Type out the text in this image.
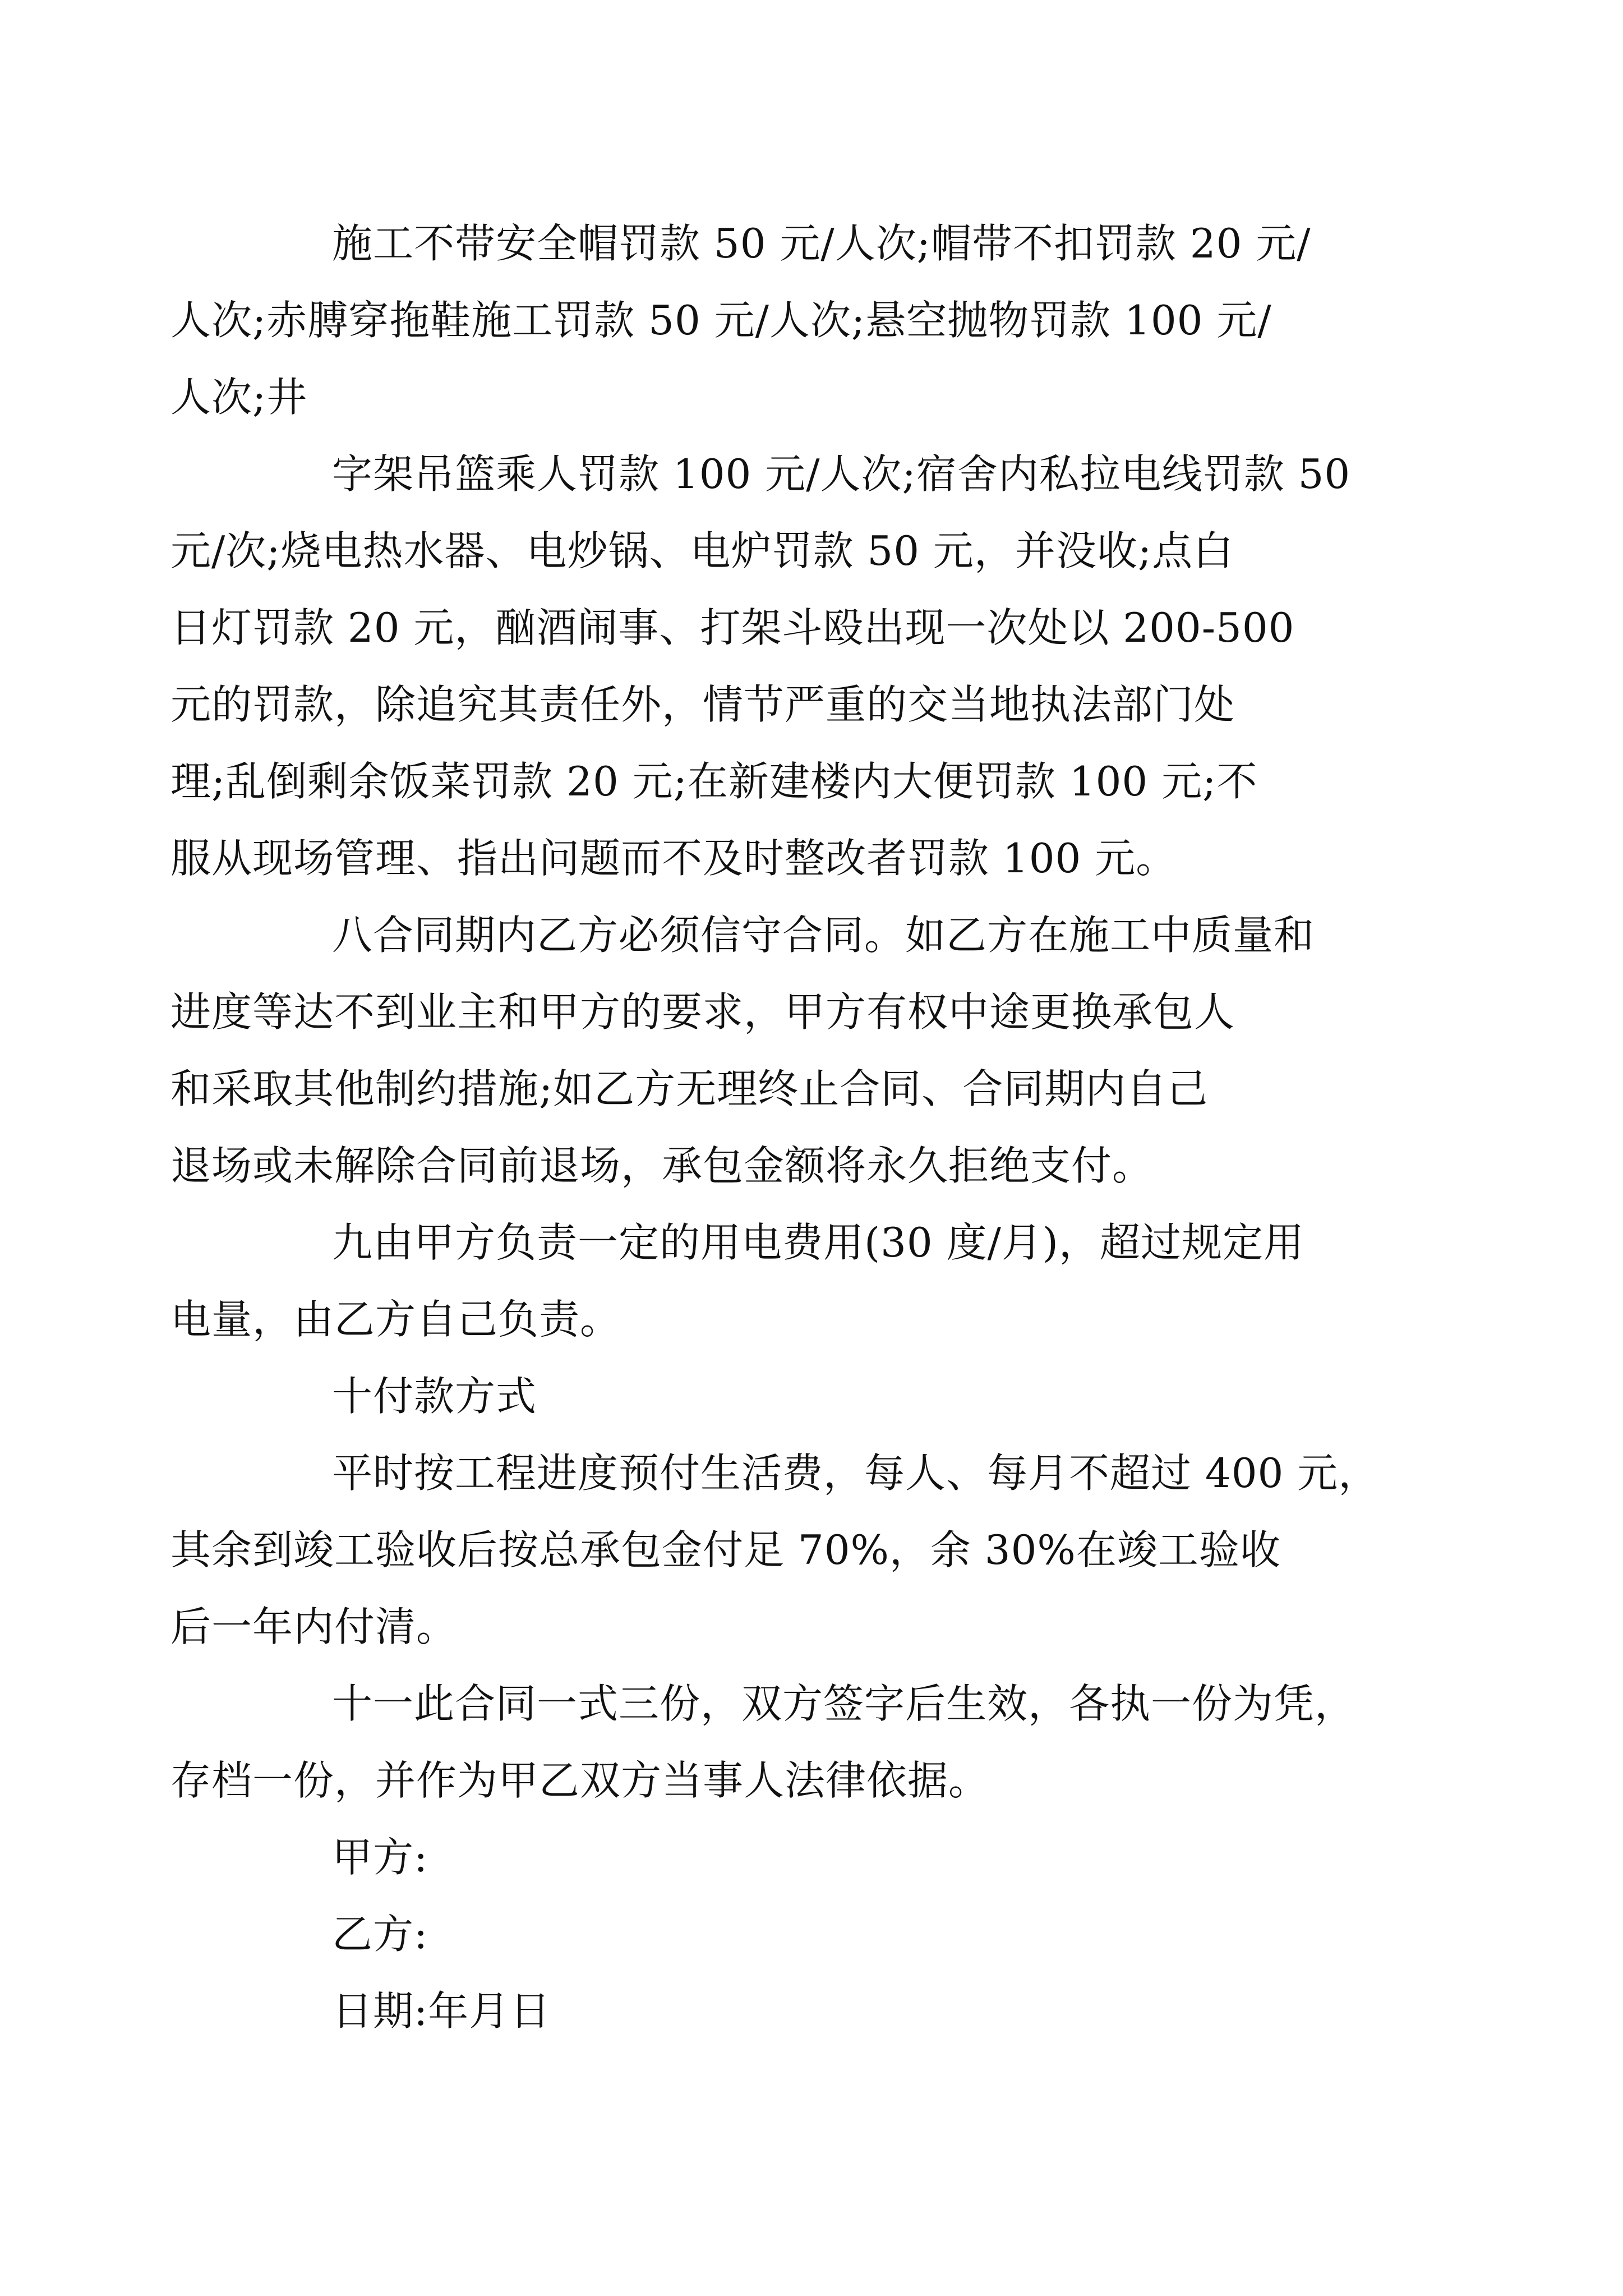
施工不带安全帽罚款 50 元/人次;帽带不扣罚款 20 元/
人次;赤膊穿拖鞋施工罚款 50 元/人次;悬空抛物罚款 100 元/
人次;井

字架吊篮乘人罚款 100 元/人次;宿舍内私拉电线罚款 50
元/次;烧电热水器、电炒锅、电炉罚款 50 元，并没收;点白
日灯罚款 20 元，酗酒闹事、打架斗殴出现一次处以 200-500
元的罚款，除追究其责任外，情节严重的交当地执法部门处
理;乱倒剩余饭菜罚款 20 元;在新建楼内大便罚款 100 元;不
服从现场管理、指出问题而不及时整改者罚款 100 元。

八合同期内乙方必须信守合同。如乙方在施工中质量和
进度等达不到业主和甲方的要求，甲方有权中途更换承包人
和采取其他制约措施;如乙方无理终止合同、合同期内自己
退场或未解除合同前退场，承包金额将永久拒绝支付。

九由甲方负责一定的用电费用(30 度/月)，超过规定用
电量，由乙方自己负责。

十付款方式

平时按工程进度预付生活费，每人、每月不超过 400 元，
其余到竣工验收后按总承包金付足 70%，余 30%在竣工验收
后一年内付清。

十一此合同一式三份，双方签字后生效，各执一份为凭，
存档一份，并作为甲乙双方当事人法律依据。

甲方:

乙方:

日期:年月日
